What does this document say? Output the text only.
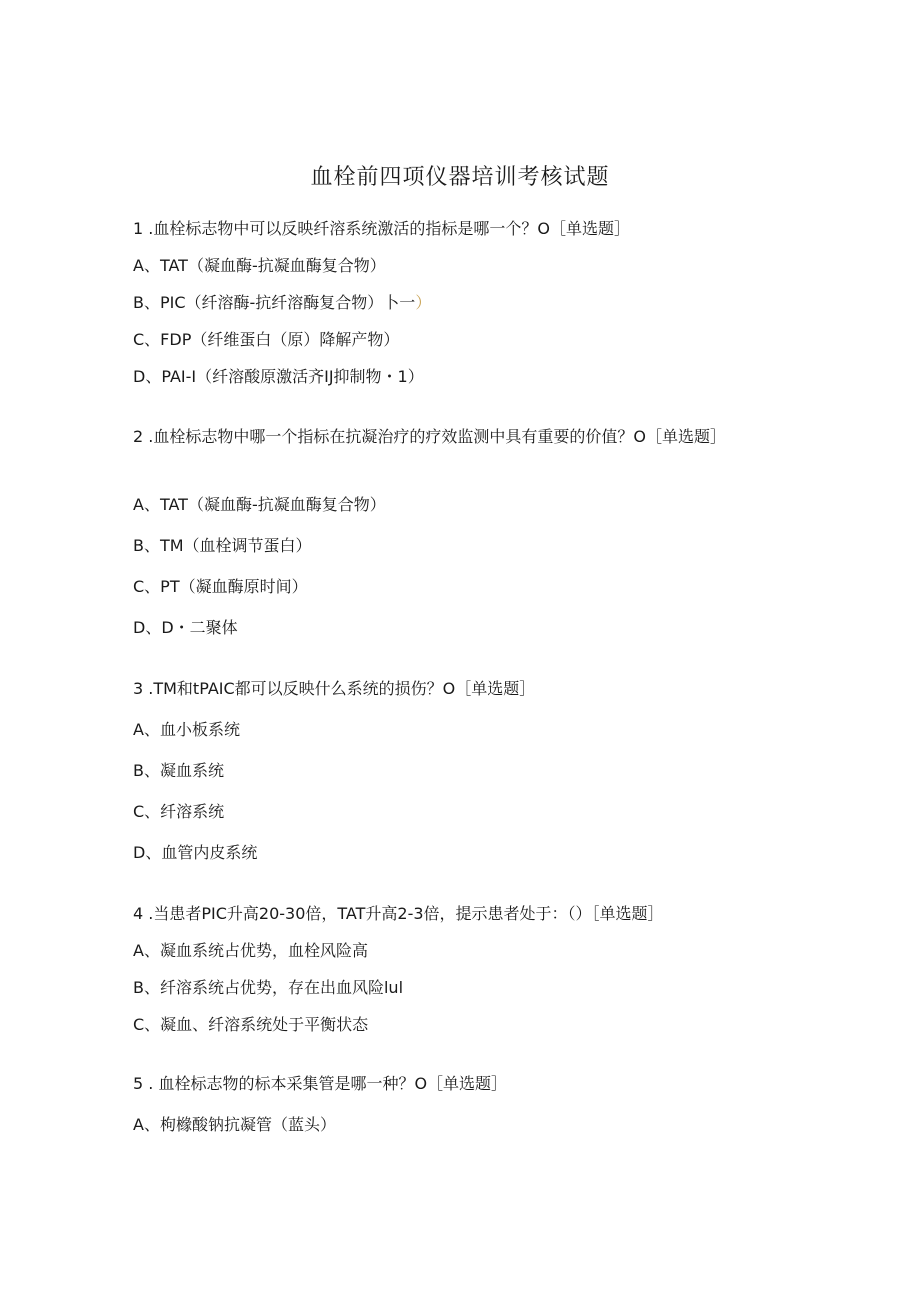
血栓前四项仪器培训考核试题
1 .血栓标志物中可以反映纤溶系统激活的指标是哪一个？O［单选题］
A、TAT（凝血酶-抗凝血酶复合物）
B、PIC（纤溶酶-抗纤溶酶复合物）卜一）
C、FDP（纤维蛋白（原）降解产物）
D、PAI-I（纤溶酸原激活齐IJ抑制物・1）
2 .血栓标志物中哪一个指标在抗凝治疗的疗效监测中具有重要的价值？O［单选题］
A、TAT（凝血酶-抗凝血酶复合物）
B、TM（血栓调节蛋白）
C、PT（凝血酶原时间）
D、D・二聚体
3 .TM和tPAIC都可以反映什么系统的损伤？O［单选题］
A、血小板系统
B、凝血系统
C、纤溶系统
D、血管内皮系统
4 .当患者PIC升高20-30倍，TAT升高2-3倍，提示患者处于：（）［单选题］
A、凝血系统占优势，血栓风险高
B、纤溶系统占优势，存在出血风险lul
C、凝血、纤溶系统处于平衡状态
5 . 血栓标志物的标本采集管是哪一种？O［单选题］
A、枸橼酸钠抗凝管（蓝头）
